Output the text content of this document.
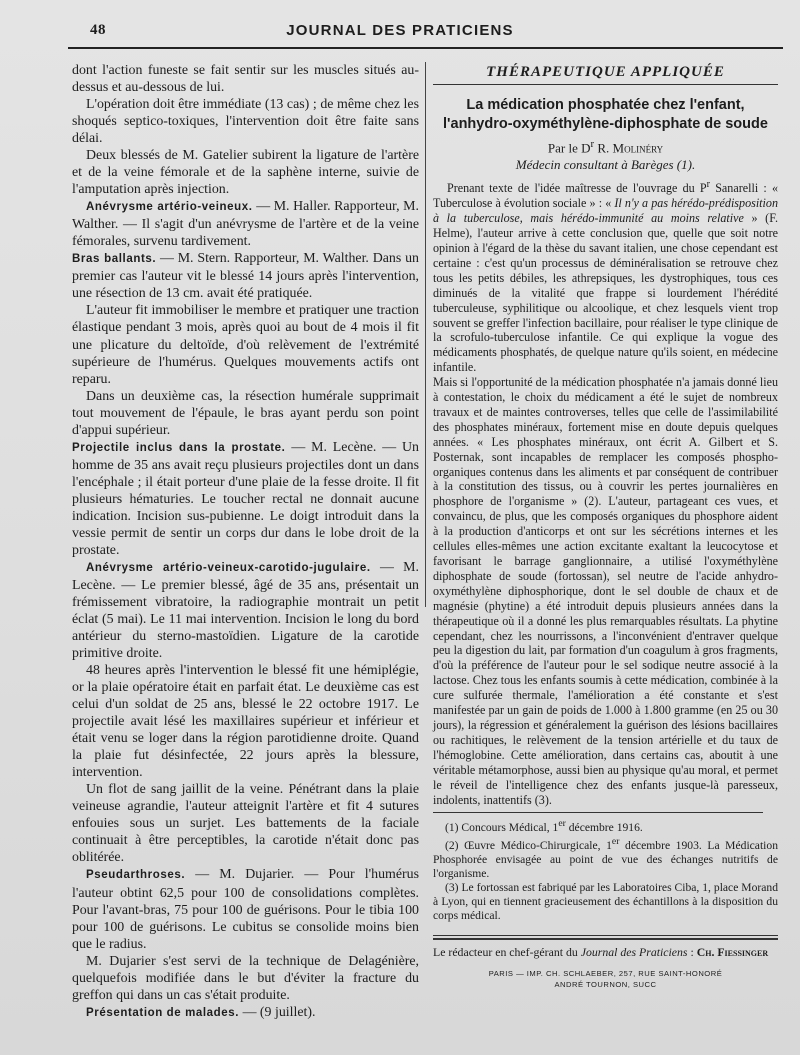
JOURNAL DES PRATICIENS
48

dont l'action funeste se fait sentir sur les muscles situés au-dessus et au-dessous de lui.

L'opération doit être immédiate (13 cas) ; de même chez les shoqués septico-toxiques, l'intervention doit être faite sans délai.

Deux blessés de M. Gatelier subirent la ligature de l'artère et de la veine fémorale et de la saphène interne, suivie de l'amputation après injection.

Anévrysme artério-veineux. — M. Haller. Rapporteur, M. Walther. — Il s'agit d'un anévrysme de l'artère et de la veine fémorales, survenu tardivement.

Bras ballants. — M. Stern. Rapporteur, M. Walther. Dans un premier cas l'auteur vit le blessé 14 jours après l'intervention, une résection de 13 cm. avait été pratiquée.

L'auteur fit immobiliser le membre et pratiquer une traction élastique pendant 3 mois, après quoi au bout de 4 mois il fit une plicature du deltoïde, d'où relèvement de l'extrémité supérieure de l'humérus. Quelques mouvements actifs ont reparu.

Dans un deuxième cas, la résection humérale supprimait tout mouvement de l'épaule, le bras ayant perdu son point d'appui supérieur.

Projectile inclus dans la prostate. — M. Lecène. — Un homme de 35 ans avait reçu plusieurs projectiles dont un dans l'encéphale ; il était porteur d'une plaie de la fesse droite. Il fit plusieurs hématuries. Le toucher rectal ne donnait aucune indication. Incision sus-pubienne. Le doigt introduit dans la vessie permit de sentir un corps dur dans le lobe droit de la prostate.

Anévrysme artério-veineux-carotido-jugulaire. — M. Lecène. — Le premier blessé, âgé de 35 ans, présentait un frémissement vibratoire, la radiographie montrait un petit éclat (5 mai). Le 11 mai intervention. Incision le long du bord antérieur du sterno-mastoïdien. Ligature de la carotide primitive droite.

48 heures après l'intervention le blessé fit une hémiplégie, or la plaie opératoire était en parfait état. Le deuxième cas est celui d'un soldat de 25 ans, blessé le 22 octobre 1917. Le projectile avait lésé les maxillaires supérieur et inférieur et était venu se loger dans la région parotidienne droite. Quand la plaie fut désinfectée, 22 jours après la blessure, intervention.

Un flot de sang jaillit de la veine. Pénétrant dans la plaie veineuse agrandie, l'auteur atteignit l'artère et fit 4 sutures enfouies sous un surjet. Les battements de la faciale continuait à être perceptibles, la carotide n'était donc pas oblitérée.

Pseudarthroses. — M. Dujarier. — Pour l'humérus l'auteur obtint 62,5 pour 100 de consolidations complètes. Pour l'avant-bras, 75 pour 100 de guérisons. Pour le tibia 100 pour 100 de guérisons. Le cubitus se consolide moins bien que le radius.

M. Dujarier s'est servi de la technique de Delagénière, quelquefois modifiée dans le but d'éviter la fracture du greffon qui dans un cas s'était produite.

Présentation de malades. — (9 juillet).

THÉRAPEUTIQUE APPLIQUÉE
La médication phosphatée chez l'enfant, l'anhydro-oxyméthylène-diphosphate de soude
Par le $D^r$ R. Molinéry
Médecin consultant à Barèges (1).

Prenant texte de l'idée maîtresse de l'ouvrage du $P^r$ Sanarelli : « Tuberculose à évolution sociale » : « Il n'y a pas hérédo-prédisposition à la tuberculose, mais hérédo-immunité au moins relative » (F. Helme), l'auteur arrive à cette conclusion que, quelle que soit notre opinion à l'égard de la thèse du savant italien, une chose cependant est certaine : c'est qu'un processus de déminéralisation se retrouve chez tous les petits débiles, les athrepsiques, les dystrophiques, tous ces diminués de la vitalité que frappe si lourdement l'hérédité tuberculeuse, syphilitique ou alcoolique, et chez lesquels vient trop souvent se greffer l'infection bacillaire, pour réaliser le type clinique de la scrofulo-tuberculose infantile. Ce qui explique la vogue des médicaments phosphatés, de quelque nature qu'ils soient, en médecine infantile.

Mais si l'opportunité de la médication phosphatée n'a jamais donné lieu à contestation, le choix du médicament a été le sujet de nombreux travaux et de maintes controverses, telles que celle de l'assimilabilité des phosphates minéraux, fortement mise en doute depuis quelques années. « Les phosphates minéraux, ont écrit A. Gilbert et S. Posternak, sont incapables de remplacer les composés phospho-organiques contenus dans les aliments et par conséquent de contribuer à la constitution des tissus, ou à couvrir les pertes journalières en phosphore de l'organisme » (2). L'auteur, partageant ces vues, et convaincu, de plus, que les composés organiques du phosphore aident à la production d'anticorps et ont sur les sécrétions internes et les cellules elles-mêmes une action excitante exaltant la leucocytose et favorisant le barrage ganglionnaire, a utilisé l'oxyméthylène diphosphate de soude (fortossan), sel neutre de l'acide anhydro-oxyméthylène diphosphorique, dont le sel double de chaux et de magnésie (phytine) a été introduit depuis plusieurs années dans la thérapeutique où il a donné les plus remarquables résultats. La phytine cependant, chez les nourrissons, a l'inconvénient d'entraver quelque peu la digestion du lait, par formation d'un coagulum à gros fragments, d'où la préférence de l'auteur pour le sel sodique neutre associé à la lactose. Chez tous les enfants soumis à cette médication, combinée à la cure sulfurée thermale, l'amélioration a été constante et s'est manifestée par un gain de poids de 1.000 à 1.800 gramme (en 25 ou 30 jours), la régression et généralement la guérison des lésions bacillaires ou rachitiques, le relèvement de la tension artérielle et du taux de l'hémoglobine. Cette amélioration, dans certains cas, aboutit à une véritable métamorphose, aussi bien au physique qu'au moral, et permet le réveil de l'intelligence chez des enfants jusque-là paresseux, indolents, inattentifs (3).

(1) Concours Médical, 1er décembre 1916.

(2) Œuvre Médico-Chirurgicale, 1er décembre 1903. La Médication Phosphorée envisagée au point de vue des échanges nutritifs de l'organisme.

(3) Le fortossan est fabriqué par les Laboratoires Ciba, 1, place Morand à Lyon, qui en tiennent gracieusement des échantillons à la disposition du corps médical.

Le rédacteur en chef-gérant du Journal des Praticiens : Ch. Fiessinger
PARIS — IMP. CH. SCHLAEBER, 257, RUE SAINT-HONORÉ
ANDRÉ TOURNON, SUCC
